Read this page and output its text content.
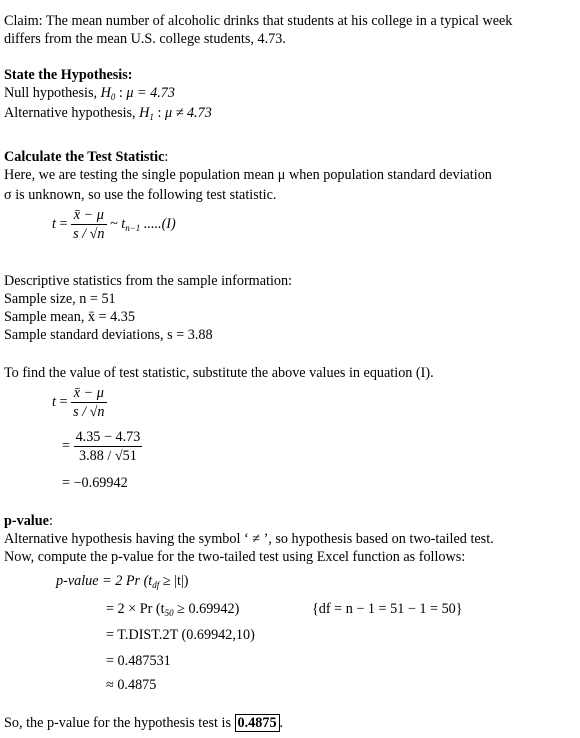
Claim: The mean number of alcoholic drinks that students at his college in a typical week
differs from the mean U.S. college students, 4.73.
State the Hypothesis:
Null hypothesis, $H_0$ : μ = 4.73
Alternative hypothesis, $H_1$ : μ ≠ 4.73
Calculate the Test Statistic:
Here, we are testing the single population mean μ when population standard deviation
σ is unknown, so use the following test statistic.
$t = \frac{x̄ - \mu}{s / √n}$ ~ $t_{n-1}$ .....(I)
Descriptive statistics from the sample information:
Sample size, n = 51
Sample mean, x̄ = 4.35
Sample standard deviations, s = 3.88
To find the value of test statistic, substitute the above values in equation (I).
$t = \frac{x̄ - \mu}{s / √n}$
= $\frac{4.35 - 4.73}{3.88 / √51}$
= −0.69942
p-value:
Alternative hypothesis having the symbol ‘ ≠ ’, so hypothesis based on two-tailed test.
Now, compute the p-value for the two-tailed test using Excel function as follows:
p-value = 2 Pr $(t_{df} \ge |t|)$
= 2 × Pr $(t_{50} \ge 0.69942)$	{df = n − 1 = 51 − 1 = 50}
= T.DIST.2T (0.69942,10)
= 0.487531
≈ 0.4875
So, the p-value for the hypothesis test is 0.4875 .
